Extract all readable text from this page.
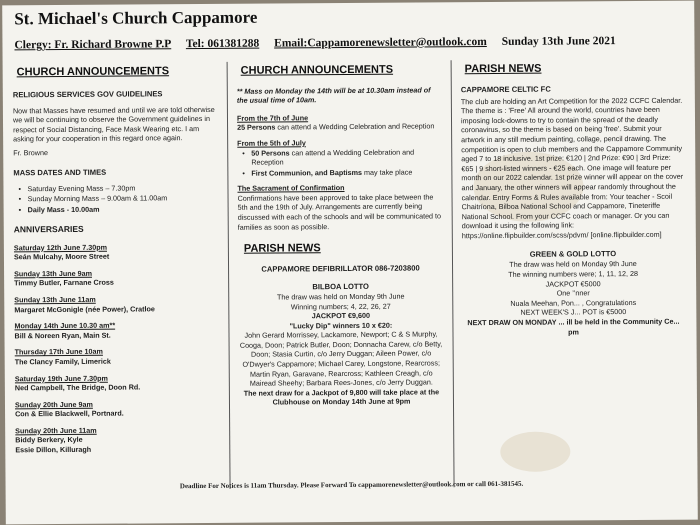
St. Michael's Church Cappamore
Clergy: Fr. Richard Browne P.P Tel: 061381288 Email:Cappamorenewsletter@outlook.com Sunday 13th June 2021
CHURCH ANNOUNCEMENTS
RELIGIOUS SERVICES GOV GUIDELINES
Now that Masses have resumed and until we are told otherwise we will be continuing to observe the Government guidelines in respect of Social Distancing, Face Mask Wearing etc. I am asking for your cooperation in this regard once again.
Fr. Browne
MASS DATES AND TIMES
• Saturday Evening Mass – 7.30pm
• Sunday Morning Mass – 9.00am & 11.00am
• Daily Mass - 10.00am
ANNIVERSARIES
Saturday 12th June 7.30pm
Seán Mulcahy, Moore Street
Sunday 13th June 9am
Timmy Butler, Farnane Cross
Sunday 13th June 11am
Margaret McGonigle (née Power), Cratloe
Monday 14th June 10.30 am**
Bill & Noreen Ryan, Main St.
Thursday 17th June 10am
The Clancy Family, Limerick
Saturday 19th June 7.30pm
Ned Campbell, The Bridge, Doon Rd.
Sunday 20th June 9am
Con & Ellie Blackwell, Portnard.
Sunday 20th June 11am
Biddy Berkery, Kyle
Essie Dillon, Killuragh
CHURCH ANNOUNCEMENTS
** Mass on Monday the 14th will be at 10.30am instead of the usual time of 10am.
From the 7th of June
25 Persons can attend a Wedding Celebration and Reception
From the 5th of July
• 50 Persons can attend a Wedding Celebration and Reception
• First Communion, and Baptisms may take place
The Sacrament of Confirmation
Confirmations have been approved to take place between the 5th and the 19th of July. Arrangements are currently being discussed with each of the schools and will be communicated to families as soon as possible.
PARISH NEWS
CAPPAMORE DEFIBRILLATOR 086-7203800
BILBOA LOTTO
The draw was held on Monday 9th June
Winning numbers; 4, 22, 26, 27
JACKPOT €9,600
"Lucky Dip" winners 10 x €20:
John Gerard Morrissey, Lackamore, Newport; C & S Murphy, Cooga, Doon; Patrick Butler, Doon; Donnacha Carew, c/o Betty, Doon; Stasia Curtin, c/o Jerry Duggan; Aileen Power, c/o O'Dwyer's Cappamore; Michael Carey, Longstone, Rearcross; Martin Ryan, Garavane, Rearcross; Kathleen Creagh, c/o Mairead Sheehy; Barbara Rees-Jones, c/o Jerry Duggan.
The next draw for a Jackpot of 9,800 will take place at the Clubhouse on Monday 14th June at 9pm
PARISH NEWS
CAPPAMORE CELTIC FC
The club are holding an Art Competition for the 2022 CCFC Calendar. The theme is : 'Free' All around the world, countries have been imposing lock-downs to try to contain the spread of the deadly coronavirus, so the theme is based on being 'free'. Submit your artwork in any still medium painting, collage, pencil drawing. The competition is open to club members and the Cappamore Community aged 7 to 18 inclusive. 1st prize: €120 | 2nd Prize: €90 | 3rd Prize: €65 | 9 short-listed winners - €25 each. One image will feature per month on our 2022 calendar. 1st prize winner will appear on the cover and January, the other winners will appear randomly throughout the calendar. Entry Forms & Rules available from: Your teacher - Scoil Chaitríona, Bilboa National School and Cappamore, Tineteriffe National School. From your CCFC coach or manager. Or you can download it using the following link: https://online.flipbuilder.com/scss/pdvm/ [online.flipbuilder.com]
GREEN & GOLD LOTTO
The draw was held on Monday 9th June
The winning numbers were; 1, 11, 12, 28
JACKPOT €5000
One ’’nner
Nuala Meehan, Pon... , Congratulations
NEXT WEEK'S J... POT is €5000
NEXT DRAW ON MONDAY ... ill be held in the Community Ce... pm
Deadline For Notices is 11am Thursday. Please Forward To cappamorenewsletter@outlook.com or call 061-381545.
